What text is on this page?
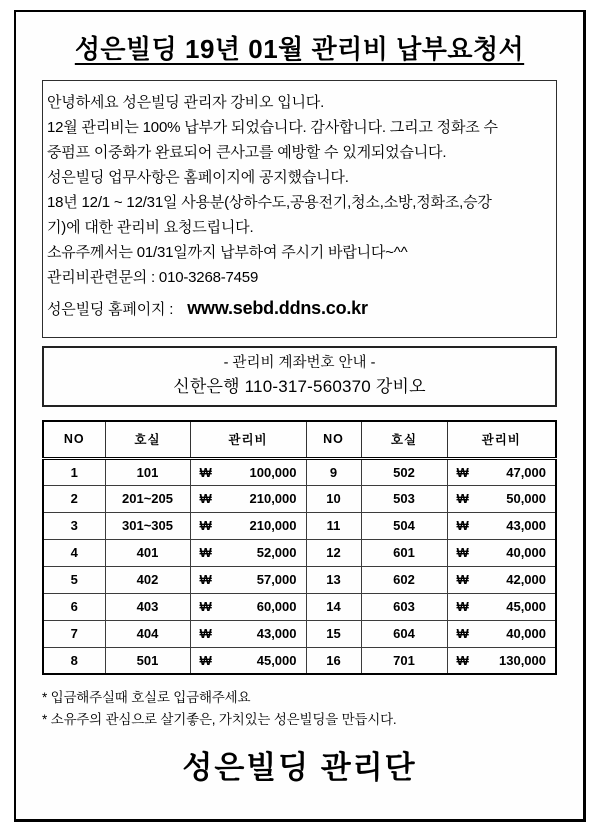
성은빌딩 19년 01월 관리비 납부요청서
안녕하세요 성은빌딩 관리자 강비오 입니다.
12월 관리비는 100% 납부가 되었습니다. 감사합니다. 그리고 정화조 수
중펌프 이중화가 완료되어 큰사고를 예방할 수 있게되었습니다.
성은빌딩 업무사항은 홈페이지에 공지했습니다.
18년 12/1 ~ 12/31일 사용분(상하수도,공용전기,청소,소방,정화조,승강
기)에 대한 관리비 요청드립니다.
소유주께서는 01/31일까지 납부하여 주시기 바랍니다~^^
관리비관련문의 : 010-3268-7459
성은빌딩 홈페이지 : www.sebd.ddns.co.kr
- 관리비 계좌번호 안내 -
신한은행 110-317-560370 강비오
NO	호실	관리비	NO	호실	관리비
1	101	₩ 100,000	9	502	₩ 47,000
2	201~205	₩ 210,000	10	503	₩ 50,000
3	301~305	₩ 210,000	11	504	₩ 43,000
4	401	₩ 52,000	12	601	₩ 40,000
5	402	₩ 57,000	13	602	₩ 42,000
6	403	₩ 60,000	14	603	₩ 45,000
7	404	₩ 43,000	15	604	₩ 40,000
8	501	₩ 45,000	16	701	₩ 130,000
* 입금해주실때 호실로 입금해주세요
* 소유주의 관심으로 살기좋은, 가치있는 성은빌딩을 만듭시다.
성은빌딩 관리단
